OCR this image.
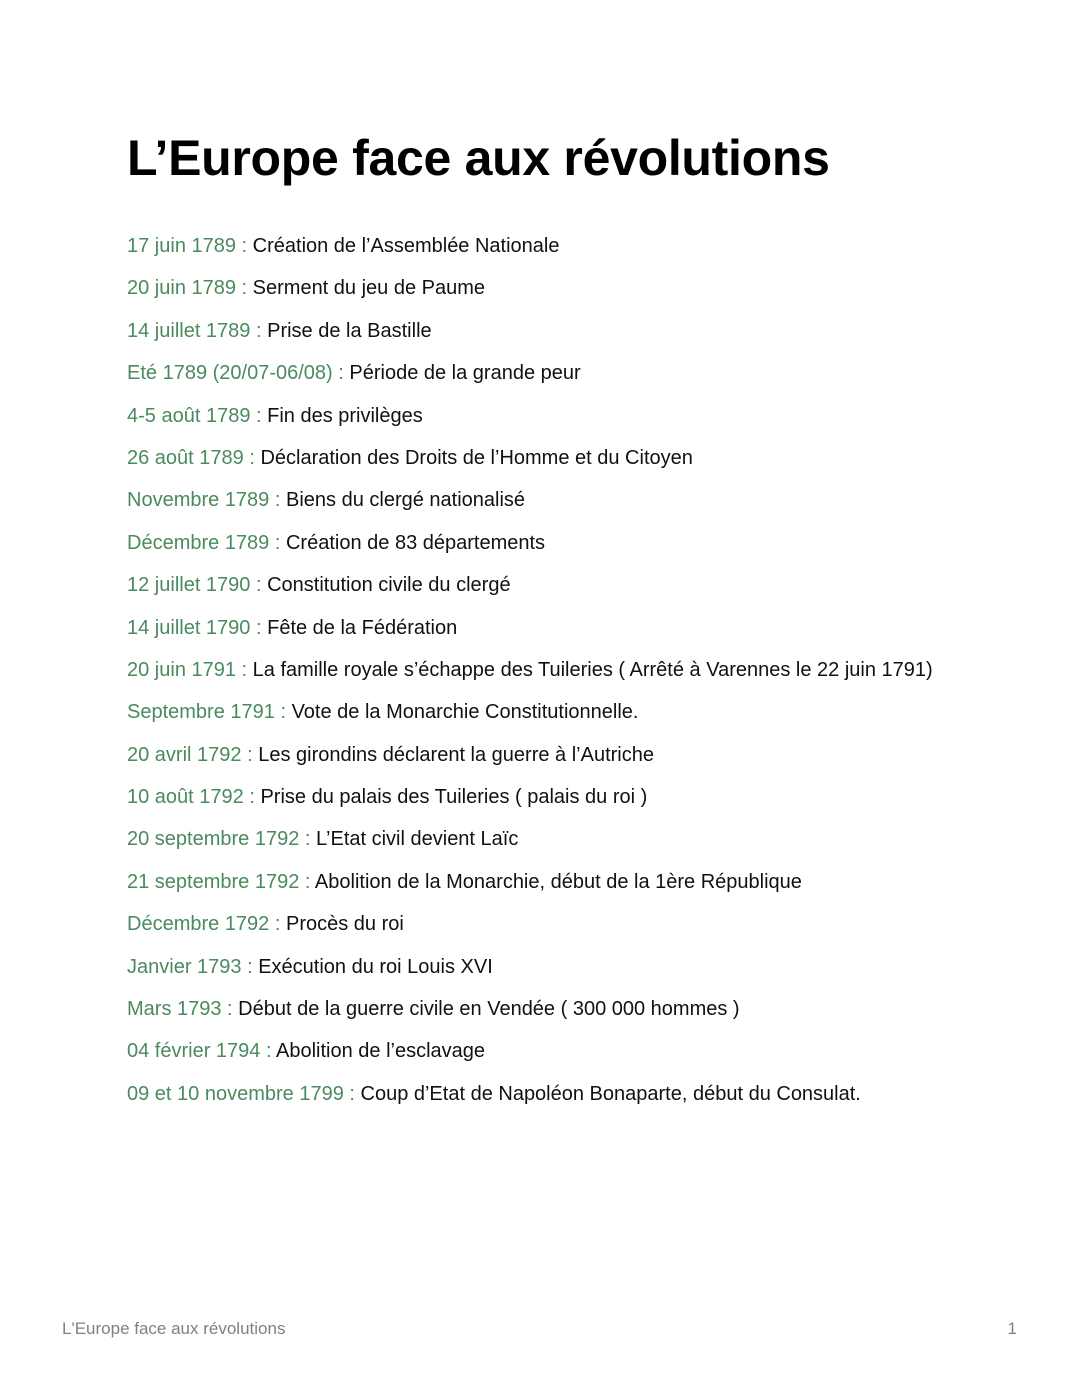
L’Europe face aux révolutions
17 juin 1789 : Création de l’Assemblée Nationale
20 juin 1789 : Serment du jeu de Paume
14 juillet 1789 : Prise de la Bastille
Eté 1789 (20/07-06/08) : Période de la grande peur
4-5 août 1789 : Fin des privilèges
26 août 1789 : Déclaration des Droits de l’Homme et du Citoyen
Novembre 1789 : Biens du clergé nationalisé
Décembre 1789 : Création de 83 départements
12 juillet 1790 : Constitution civile du clergé
14 juillet 1790 : Fête de la Fédération
20 juin 1791 : La famille royale s’échappe des Tuileries ( Arrêté à Varennes le 22 juin 1791)
Septembre 1791 : Vote de la Monarchie Constitutionnelle.
20 avril 1792 : Les girondins déclarent la guerre à l’Autriche
10 août 1792 : Prise du palais des Tuileries ( palais du roi )
20 septembre 1792 : L’Etat civil devient Laïc
21 septembre 1792 : Abolition de la Monarchie, début de la 1ère République
Décembre 1792 : Procès du roi
Janvier 1793 : Exécution du roi Louis XVI
Mars 1793 : Début de la guerre civile en Vendée ( 300 000 hommes )
04 février 1794 : Abolition de l’esclavage
09 et 10 novembre 1799 : Coup d’Etat de Napoléon Bonaparte, début du Consulat.
L'Europe face aux révolutions	1
